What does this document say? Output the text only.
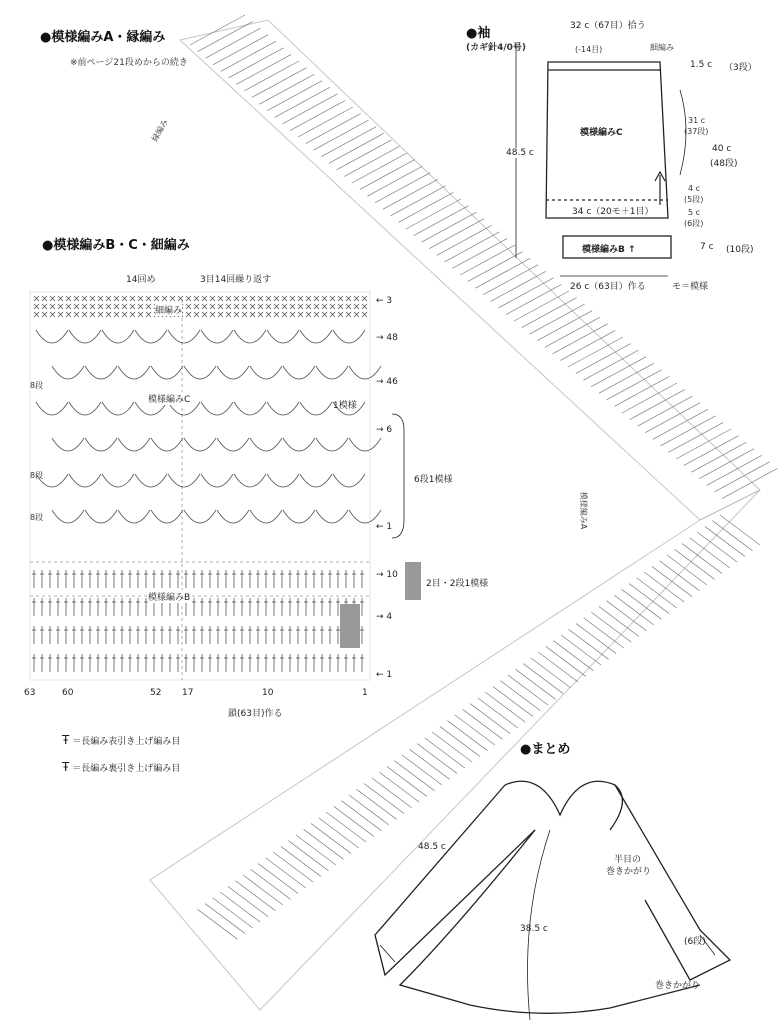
●模様編みA・縁編み
※前ページ21段めからの続き
●模様編みB・C・細編み
●袖
(カギ針4/0号)
●まとめ
縁編み
模様編みA
14回め	3目14回繰り返す
細編み
模様編みC
模様編みB
1模様
6段1模様
2目・2段1模様
← 3
→ 48
→ 46
→ 6
← 1
→ 10
→ 4
← 1
8段
8段
8段
63	60	52 17	10	1
鎖(63目)作る
Ŧ ＝長編み表引き上げ編み目
Ŧ ＝長編み裏引き上げ編み目
32 c（67目）拾う
(-14目)	細編み
模様編みC
模様編みB ↑
48.5 c
1.5 c （3段）
31 c
(37段)
40 c
(48段)
4 c
(5段)
5 c
(6段)
7 c (10段)
34 c（20モ＋1目）
26 c（63目）作る	モ＝模様
48.5 c
38.5 c
半目の
巻きかがり
(6段)
巻きかがり
